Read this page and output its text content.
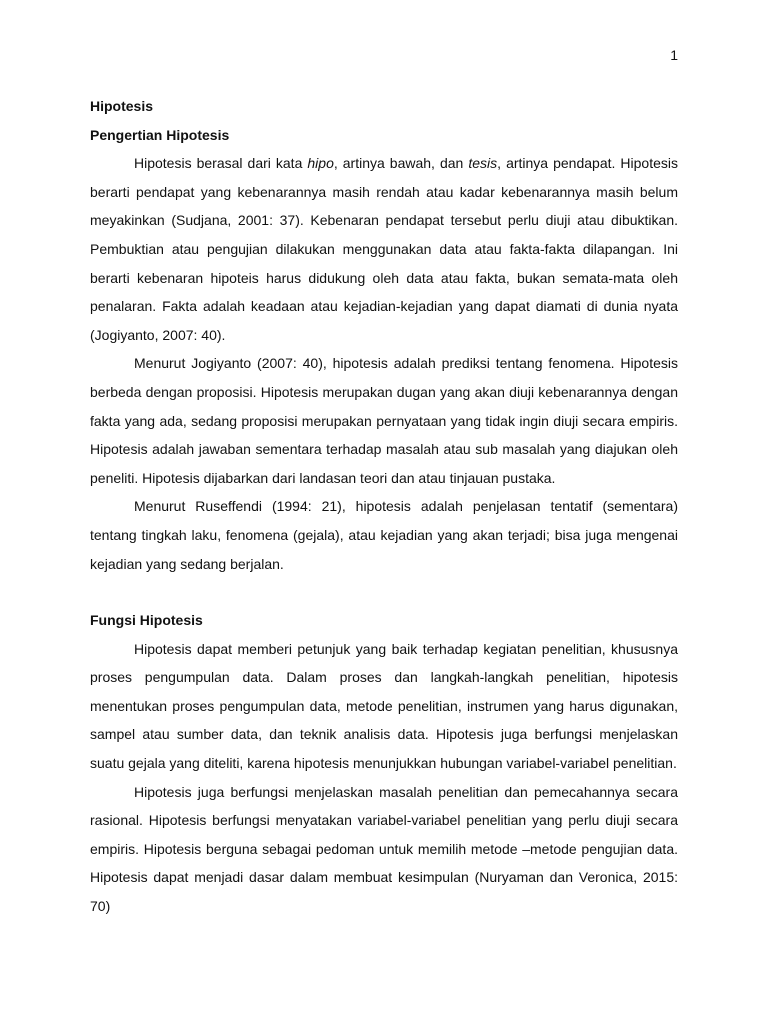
1
Hipotesis
Pengertian Hipotesis

Hipotesis berasal dari kata hipo, artinya bawah, dan tesis, artinya pendapat. Hipotesis berarti pendapat yang kebenarannya masih rendah atau kadar kebenarannya masih belum meyakinkan (Sudjana, 2001: 37). Kebenaran pendapat tersebut perlu diuji atau dibuktikan. Pembuktian atau pengujian dilakukan menggunakan data atau fakta-fakta dilapangan. Ini berarti kebenaran hipoteis harus didukung oleh data atau fakta, bukan semata-mata oleh penalaran. Fakta adalah keadaan atau kejadian-kejadian yang dapat diamati di dunia nyata (Jogiyanto, 2007: 40).

Menurut Jogiyanto (2007: 40), hipotesis adalah prediksi tentang fenomena. Hipotesis berbeda dengan proposisi. Hipotesis merupakan dugan yang akan diuji kebenarannya dengan fakta yang ada, sedang proposisi merupakan pernyataan yang tidak ingin diuji secara empiris. Hipotesis adalah jawaban sementara terhadap masalah atau sub masalah yang diajukan oleh peneliti. Hipotesis dijabarkan dari landasan teori dan atau tinjauan pustaka.

Menurut Ruseffendi (1994: 21), hipotesis adalah penjelasan tentatif (sementara) tentang tingkah laku, fenomena (gejala), atau kejadian yang akan terjadi; bisa juga mengenai kejadian yang sedang berjalan.

Fungsi Hipotesis

Hipotesis dapat memberi petunjuk yang baik terhadap kegiatan penelitian, khususnya proses pengumpulan data. Dalam proses dan langkah-langkah penelitian, hipotesis menentukan proses pengumpulan data, metode penelitian, instrumen yang harus digunakan, sampel atau sumber data, dan teknik analisis data. Hipotesis juga berfungsi menjelaskan suatu gejala yang diteliti, karena hipotesis menunjukkan hubungan variabel-variabel penelitian.

Hipotesis juga berfungsi menjelaskan masalah penelitian dan pemecahannya secara rasional. Hipotesis berfungsi menyatakan variabel-variabel penelitian yang perlu diuji secara empiris. Hipotesis berguna sebagai pedoman untuk memilih metode –metode pengujian data. Hipotesis dapat menjadi dasar dalam membuat kesimpulan (Nuryaman dan Veronica, 2015: 70)
